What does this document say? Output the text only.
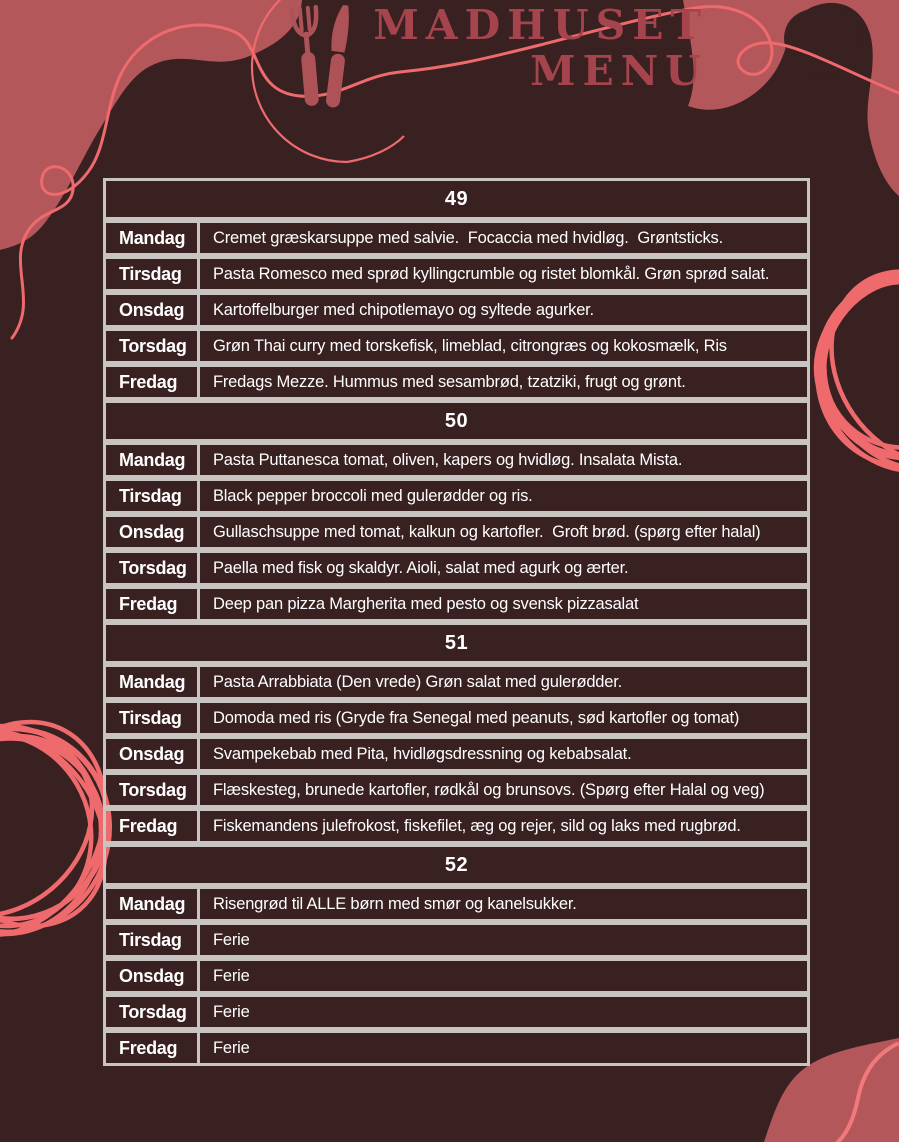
MADHUSET
MENU
49
Mandag	Cremet græskarsuppe med salvie.  Focaccia med hvidløg.  Grøntsticks.
Tirsdag	Pasta Romesco med sprød kyllingcrumble og ristet blomkål. Grøn sprød salat.
Onsdag	Kartoffelburger med chipotlemayo og syltede agurker.
Torsdag	Grøn Thai curry med torskefisk, limeblad, citrongræs og kokosmælk, Ris
Fredag	Fredags Mezze. Hummus med sesambrød, tzatziki, frugt og grønt.
50
Mandag	Pasta Puttanesca tomat, oliven, kapers og hvidløg. Insalata Mista.
Tirsdag	Black pepper broccoli med gulerødder og ris.
Onsdag	Gullaschsuppe med tomat, kalkun og kartofler.  Groft brød. (spørg efter halal)
Torsdag	Paella med fisk og skaldyr. Aioli, salat med agurk og ærter.
Fredag	Deep pan pizza Margherita med pesto og svensk pizzasalat
51
Mandag	Pasta Arrabbiata (Den vrede) Grøn salat med gulerødder.
Tirsdag	Domoda med ris (Gryde fra Senegal med peanuts, sød kartofler og tomat)
Onsdag	Svampekebab med Pita, hvidløgsdressning og kebabsalat.
Torsdag	Flæskesteg, brunede kartofler, rødkål og brunsovs. (Spørg efter Halal og veg)
Fredag	Fiskemandens julefrokost, fiskefilet, æg og rejer, sild og laks med rugbrød.
52
Mandag	Risengrød til ALLE børn med smør og kanelsukker.
Tirsdag	Ferie
Onsdag	Ferie
Torsdag	Ferie
Fredag	Ferie
